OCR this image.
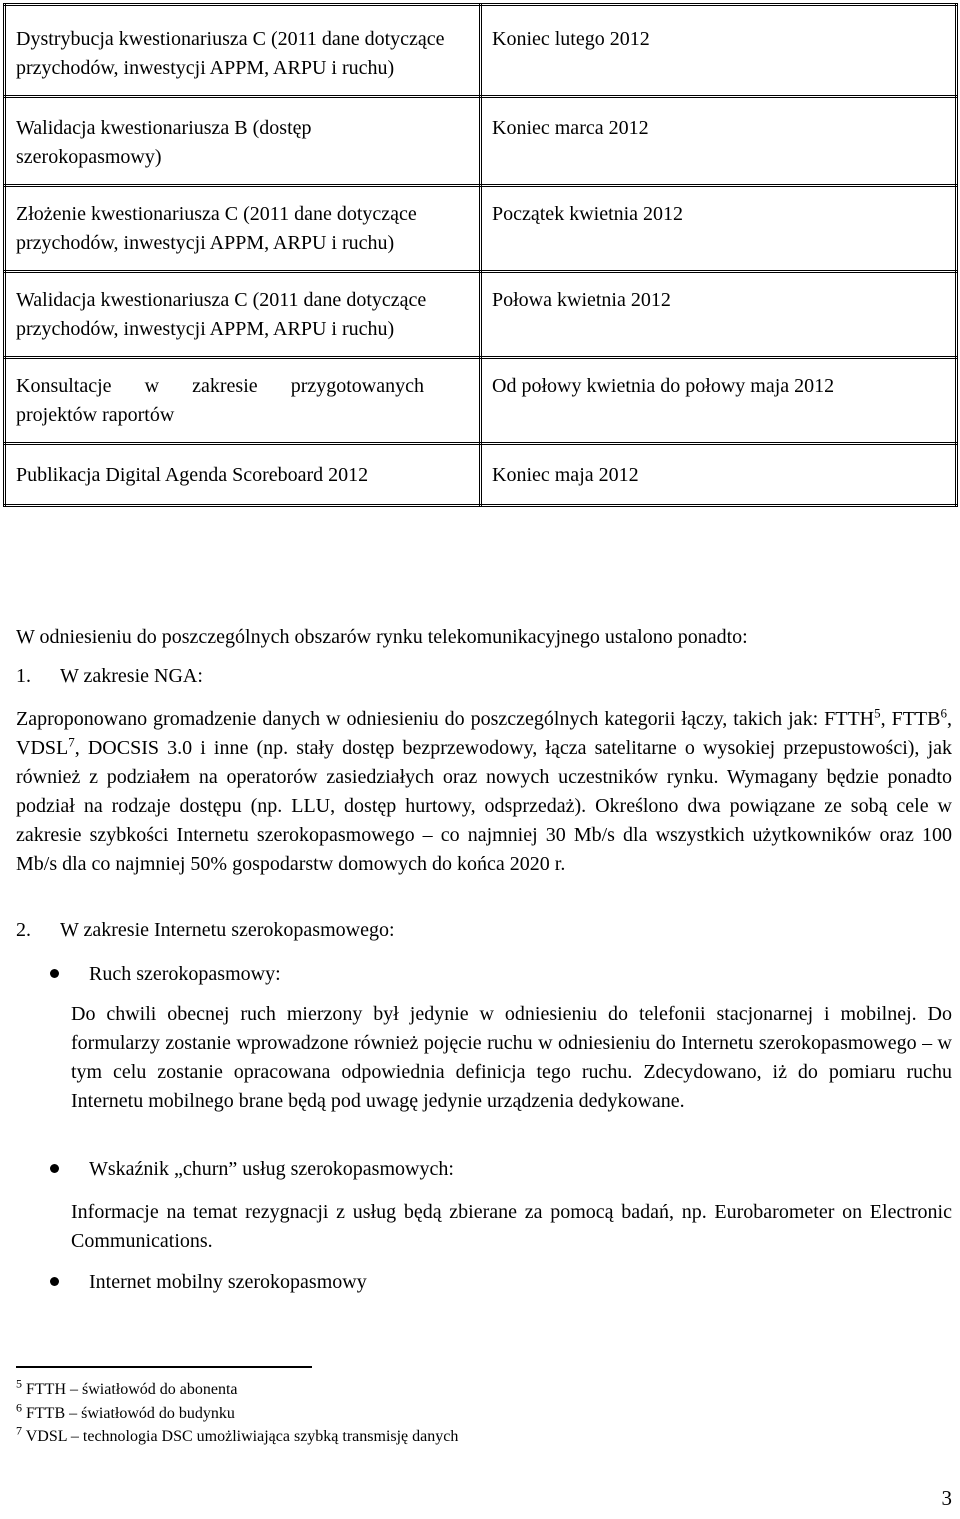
Dystrybucja kwestionariusza C (2011 dane dotyczące przychodów, inwestycji APPM, ARPU i ruchu)	Koniec lutego 2012

Walidacja kwestionariusza B (dostęp szerokopasmowy)	Koniec marca 2012

Złożenie kwestionariusza C (2011 dane dotyczące przychodów, inwestycji APPM, ARPU i ruchu)	Początek kwietnia 2012

Walidacja kwestionariusza C (2011 dane dotyczące przychodów, inwestycji APPM, ARPU i ruchu)	Połowa kwietnia 2012

Konsultacje w zakresie przygotowanych projektów raportów	Od połowy kwietnia do połowy maja 2012
Publikacja Digital Agenda Scoreboard 2012	Koniec maja 2012
W odniesieniu do poszczególnych obszarów rynku telekomunikacyjnego ustalono ponadto:
1. W zakresie NGA:
Zaproponowano gromadzenie danych w odniesieniu do poszczególnych kategorii łączy, takich jak: FTTH$^5$, FTTB$^6$, VDSL$^7$, DOCSIS 3.0 i inne (np. stały dostęp bezprzewodowy, łącza satelitarne o wysokiej przepustowości), jak również z podziałem na operatorów zasiedziałych oraz nowych uczestników rynku. Wymagany będzie ponadto podział na rodzaje dostępu (np. LLU, dostęp hurtowy, odsprzedaż). Określono dwa powiązane ze sobą cele w zakresie szybkości Internetu szerokopasmowego – co najmniej 30 Mb/s dla wszystkich użytkowników oraz 100 Mb/s dla co najmniej 50% gospodarstw domowych do końca 2020 r.
2. W zakresie Internetu szerokopasmowego:
Ruch szerokopasmowy:
Do chwili obecnej ruch mierzony był jedynie w odniesieniu do telefonii stacjonarnej i mobilnej. Do formularzy zostanie wprowadzone również pojęcie ruchu w odniesieniu do Internetu szerokopasmowego – w tym celu zostanie opracowana odpowiednia definicja tego ruchu. Zdecydowano, iż do pomiaru ruchu Internetu mobilnego brane będą pod uwagę jedynie urządzenia dedykowane.
Wskaźnik „churn” usług szerokopasmowych:
Informacje na temat rezygnacji z usług będą zbierane za pomocą badań, np. Eurobarometer on Electronic Communications.
Internet mobilny szerokopasmowy
$^5$ FTTH – światłowód do abonenta
$^6$ FTTB – światłowód do budynku
$^7$ VDSL – technologia DSC umożliwiająca szybką transmisję danych
3
